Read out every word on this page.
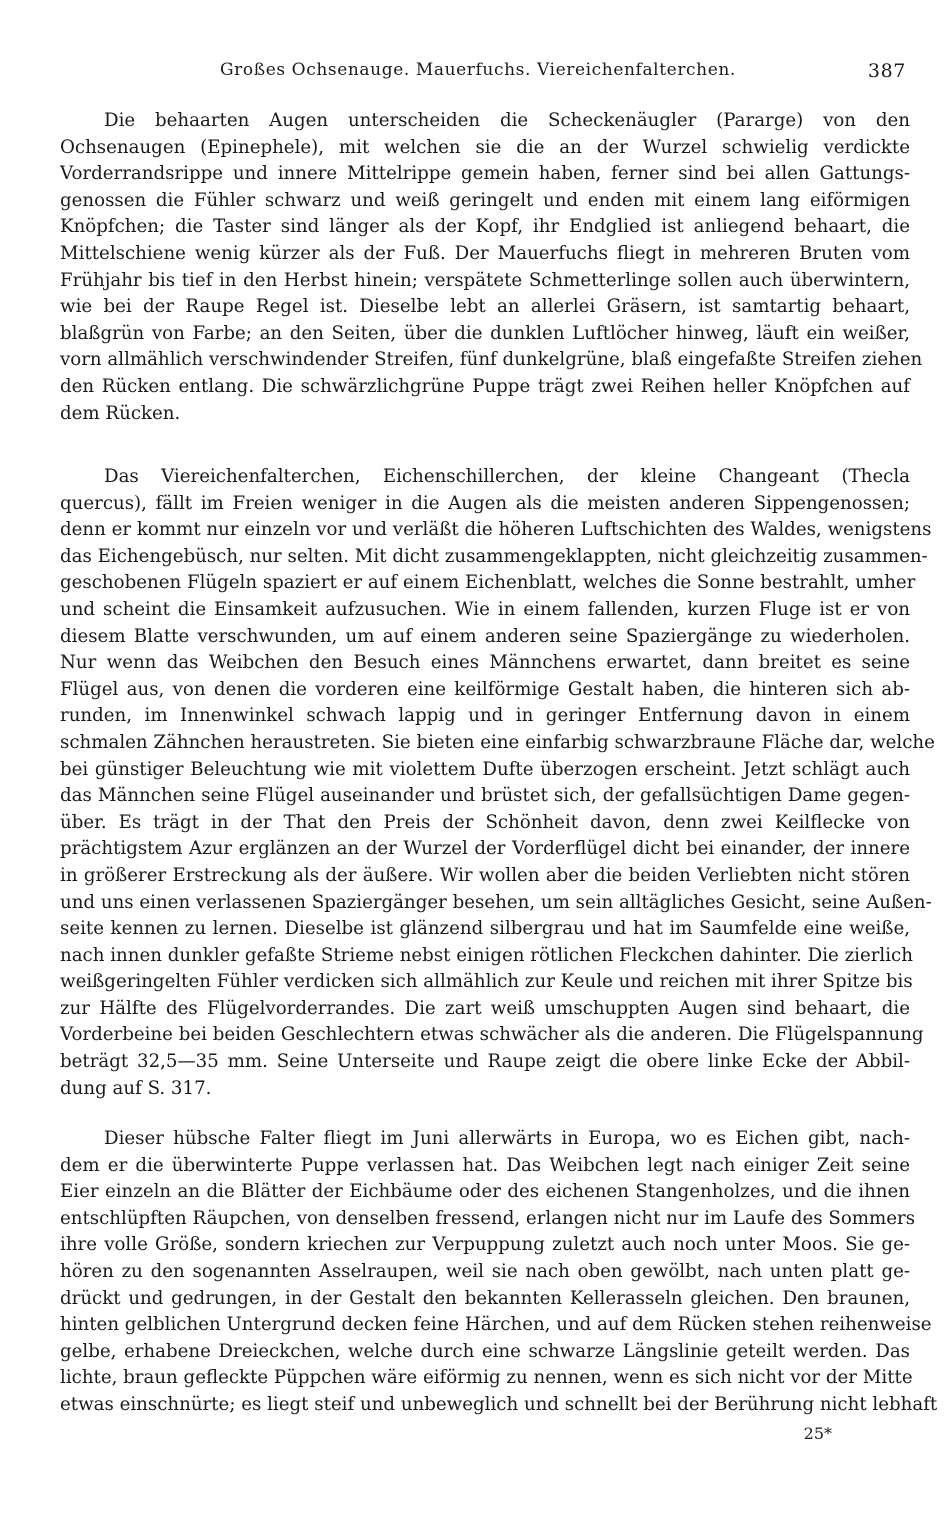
Großes Ochsenauge. Mauerfuchs. Viereichenfalterchen.	387
Die behaarten Augen unterscheiden die Scheckenäugler (Pararge) von den
Ochsenaugen (Epinephele), mit welchen sie die an der Wurzel schwielig verdickte
Vorderrandsrippe und innere Mittelrippe gemein haben, ferner sind bei allen Gattungs-
genossen die Fühler schwarz und weiß geringelt und enden mit einem lang eiförmigen
Knöpfchen; die Taster sind länger als der Kopf, ihr Endglied ist anliegend behaart, die
Mittelschiene wenig kürzer als der Fuß. Der Mauerfuchs fliegt in mehreren Bruten vom
Frühjahr bis tief in den Herbst hinein; verspätete Schmetterlinge sollen auch überwintern,
wie bei der Raupe Regel ist. Dieselbe lebt an allerlei Gräsern, ist samtartig behaart,
blaßgrün von Farbe; an den Seiten, über die dunklen Luftlöcher hinweg, läuft ein weißer,
vorn allmählich verschwindender Streifen, fünf dunkelgrüne, blaß eingefaßte Streifen ziehen
den Rücken entlang. Die schwärzlichgrüne Puppe trägt zwei Reihen heller Knöpfchen auf
dem Rücken.
Das Viereichenfalterchen, Eichenschillerchen, der kleine Changeant (Thecla
quercus), fällt im Freien weniger in die Augen als die meisten anderen Sippengenossen;
denn er kommt nur einzeln vor und verläßt die höheren Luftschichten des Waldes, wenigstens
das Eichengebüsch, nur selten. Mit dicht zusammengeklappten, nicht gleichzeitig zusammen-
geschobenen Flügeln spaziert er auf einem Eichenblatt, welches die Sonne bestrahlt, umher
und scheint die Einsamkeit aufzusuchen. Wie in einem fallenden, kurzen Fluge ist er von
diesem Blatte verschwunden, um auf einem anderen seine Spaziergänge zu wiederholen.
Nur wenn das Weibchen den Besuch eines Männchens erwartet, dann breitet es seine
Flügel aus, von denen die vorderen eine keilförmige Gestalt haben, die hinteren sich ab-
runden, im Innenwinkel schwach lappig und in geringer Entfernung davon in einem
schmalen Zähnchen heraustreten. Sie bieten eine einfarbig schwarzbraune Fläche dar, welche
bei günstiger Beleuchtung wie mit violettem Dufte überzogen erscheint. Jetzt schlägt auch
das Männchen seine Flügel auseinander und brüstet sich, der gefallsüchtigen Dame gegen-
über. Es trägt in der That den Preis der Schönheit davon, denn zwei Keilflecke von
prächtigstem Azur erglänzen an der Wurzel der Vorderflügel dicht bei einander, der innere
in größerer Erstreckung als der äußere. Wir wollen aber die beiden Verliebten nicht stören
und uns einen verlassenen Spaziergänger besehen, um sein alltägliches Gesicht, seine Außen-
seite kennen zu lernen. Dieselbe ist glänzend silbergrau und hat im Saumfelde eine weiße,
nach innen dunkler gefaßte Strieme nebst einigen rötlichen Fleckchen dahinter. Die zierlich
weißgeringelten Fühler verdicken sich allmählich zur Keule und reichen mit ihrer Spitze bis
zur Hälfte des Flügelvorderrandes. Die zart weiß umschuppten Augen sind behaart, die
Vorderbeine bei beiden Geschlechtern etwas schwächer als die anderen. Die Flügelspannung
beträgt 32,5—35 mm. Seine Unterseite und Raupe zeigt die obere linke Ecke der Abbil-
dung auf S. 317.
Dieser hübsche Falter fliegt im Juni allerwärts in Europa, wo es Eichen gibt, nach-
dem er die überwinterte Puppe verlassen hat. Das Weibchen legt nach einiger Zeit seine
Eier einzeln an die Blätter der Eichbäume oder des eichenen Stangenholzes, und die ihnen
entschlüpften Räupchen, von denselben fressend, erlangen nicht nur im Laufe des Sommers
ihre volle Größe, sondern kriechen zur Verpuppung zuletzt auch noch unter Moos. Sie ge-
hören zu den sogenannten Asselraupen, weil sie nach oben gewölbt, nach unten platt ge-
drückt und gedrungen, in der Gestalt den bekannten Kellerasseln gleichen. Den braunen,
hinten gelblichen Untergrund decken feine Härchen, und auf dem Rücken stehen reihenweise
gelbe, erhabene Dreieckchen, welche durch eine schwarze Längslinie geteilt werden. Das
lichte, braun gefleckte Püppchen wäre eiförmig zu nennen, wenn es sich nicht vor der Mitte
etwas einschnürte; es liegt steif und unbeweglich und schnellt bei der Berührung nicht lebhaft
25*
